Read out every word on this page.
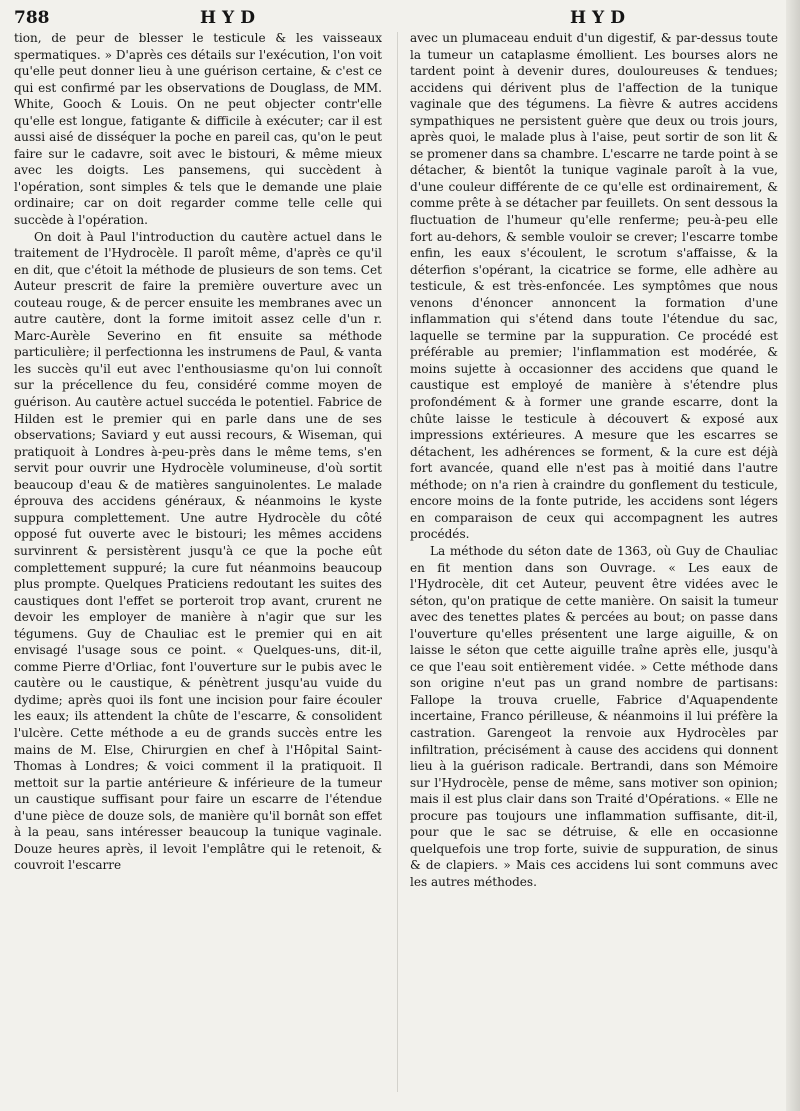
788	HYD	HYD

tion, de peur de blesser le testicule & les vaisseaux spermatiques. » D'après ces détails sur l'exécution, l'on voit qu'elle peut donner lieu à une guérison certaine, & c'est ce qui est confirmé par les observations de Douglass, de MM. White, Gooch & Louis. On ne peut objecter contr'elle qu'elle est longue, fatigante & difficile à exécuter; car il est aussi aisé de disséquer la poche en pareil cas, qu'on le peut faire sur le cadavre, soit avec le bistouri, & même mieux avec les doigts. Les pansemens, qui succèdent à l'opération, sont simples & tels que le demande une plaie ordinaire; car on doit regarder comme telle celle qui succède à l'opération.

On doit à Paul l'introduction du cautère actuel dans le traitement de l'Hydrocèle. Il paroît même, d'après ce qu'il en dit, que c'étoit la méthode de plusieurs de son tems. Cet Auteur prescrit de faire la première ouverture avec un couteau rouge, & de percer ensuite les membranes avec un autre cautère, dont la forme imitoit assez celle d'un r. Marc-Aurèle Severino en fit ensuite sa méthode particulière; il perfectionna les instrumens de Paul, & vanta les succès qu'il eut avec l'enthousiasme qu'on lui connoît sur la précellence du feu, considéré comme moyen de guérison. Au cautère actuel succéda le potentiel. Fabrice de Hilden est le premier qui en parle dans une de ses observations; Saviard y eut aussi recours, & Wiseman, qui pratiquoit à Londres à-peu-près dans le même tems, s'en servit pour ouvrir une Hydrocèle volumineuse, d'où sortit beaucoup d'eau & de matières sanguinolentes. Le malade éprouva des accidens généraux, & néanmoins le kyste suppura complettement. Une autre Hydrocèle du côté opposé fut ouverte avec le bistouri; les mêmes accidens survinrent & persistèrent jusqu'à ce que la poche eût complettement suppuré; la cure fut néanmoins beaucoup plus prompte. Quelques Praticiens redoutant les suites des caustiques dont l'effet se porteroit trop avant, crurent ne devoir les employer de manière à n'agir que sur les tégumens. Guy de Chauliac est le premier qui en ait envisagé l'usage sous ce point. « Quelques-uns, dit-il, comme Pierre d'Orliac, font l'ouverture sur le pubis avec le cautère ou le caustique, & pénètrent jusqu'au vuide du dydime; après quoi ils font une incision pour faire écouler les eaux; ils attendent la chûte de l'escarre, & consolident l'ulcère. Cette méthode a eu de grands succès entre les mains de M. Else, Chirurgien en chef à l'Hôpital Saint-Thomas à Londres; & voici comment il la pratiquoit. Il mettoit sur la partie antérieure & inférieure de la tumeur un caustique suffisant pour faire un escarre de l'étendue d'une pièce de douze sols, de manière qu'il bornât son effet à la peau, sans intéresser beaucoup la tunique vaginale. Douze heures après, il levoit l'emplâtre qui le retenoit, & couvroit l'escarre

avec un plumaceau enduit d'un digestif, & par-dessus toute la tumeur un cataplasme émollient. Les bourses alors ne tardent point à devenir dures, douloureuses & tendues; accidens qui dérivent plus de l'affection de la tunique vaginale que des tégumens. La fièvre & autres accidens sympathiques ne persistent guère que deux ou trois jours, après quoi, le malade plus à l'aise, peut sortir de son lit & se promener dans sa chambre. L'escarre ne tarde point à se détacher, & bientôt la tunique vaginale paroît à la vue, d'une couleur différente de ce qu'elle est ordinairement, & comme prête à se détacher par feuillets. On sent dessous la fluctuation de l'humeur qu'elle renferme; peu-à-peu elle fort au-dehors, & semble vouloir se crever; l'escarre tombe enfin, les eaux s'écoulent, le scrotum s'affaisse, & la déterfion s'opérant, la cicatrice se forme, elle adhère au testicule, & est très-enfoncée. Les symptômes que nous venons d'énoncer annoncent la formation d'une inflammation qui s'étend dans toute l'étendue du sac, laquelle se termine par la suppuration. Ce procédé est préférable au premier; l'inflammation est modérée, & moins sujette à occasionner des accidens que quand le caustique est employé de manière à s'étendre plus profondément & à former une grande escarre, dont la chûte laisse le testicule à découvert & exposé aux impressions extérieures. A mesure que les escarres se détachent, les adhérences se forment, & la cure est déjà fort avancée, quand elle n'est pas à moitié dans l'autre méthode; on n'a rien à craindre du gonflement du testicule, encore moins de la fonte putride, les accidens sont légers en comparaison de ceux qui accompagnent les autres procédés.

La méthode du séton date de 1363, où Guy de Chauliac en fit mention dans son Ouvrage. « Les eaux de l'Hydrocèle, dit cet Auteur, peuvent être vidées avec le séton, qu'on pratique de cette manière. On saisit la tumeur avec des tenettes plates & percées au bout; on passe dans l'ouverture qu'elles présentent une large aiguille, & on laisse le séton que cette aiguille traîne après elle, jusqu'à ce que l'eau soit entièrement vidée. » Cette méthode dans son origine n'eut pas un grand nombre de partisans: Fallope la trouva cruelle, Fabrice d'Aquapendente incertaine, Franco périlleuse, & néanmoins il lui préfère la castration. Garengeot la renvoie aux Hydrocèles par infiltration, précisément à cause des accidens qui donnent lieu à la guérison radicale. Bertrandi, dans son Mémoire sur l'Hydrocèle, pense de même, sans motiver son opinion; mais il est plus clair dans son Traité d'Opérations. « Elle ne procure pas toujours une inflammation suffisante, dit-il, pour que le sac se détruise, & elle en occasionne quelquefois une trop forte, suivie de suppuration, de sinus & de clapiers. » Mais ces accidens lui sont communs avec les autres méthodes.
